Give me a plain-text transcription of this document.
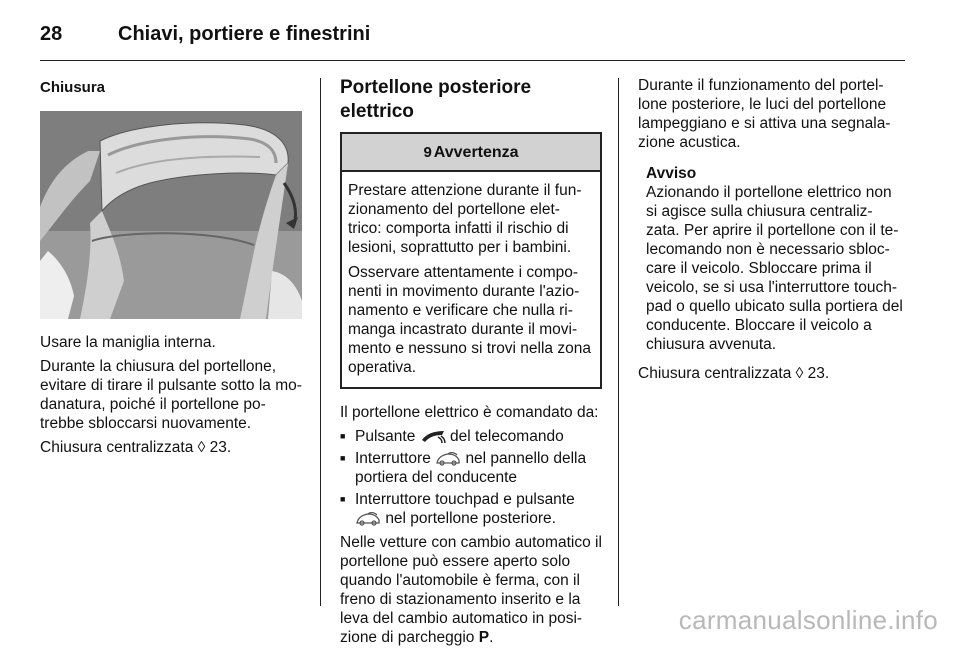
28	Chiavi, portiere e finestrini
Chiusura

Usare la maniglia interna.

Durante la chiusura del portellone, evitare di tirare il pulsante sotto la mo- danatura, poiché il portellone po- trebbe sbloccarsi nuovamente.

Chiusura centralizzata ◊ 23.

Portellone posteriore elettrico
9 Avvertenza

Prestare attenzione durante il fun- zionamento del portellone elet- trico: comporta infatti il rischio di lesioni, soprattutto per i bambini.

Osservare attentamente i compo- nenti in movimento durante l'azio- namento e verificare che nulla ri- manga incastrato durante il movi- mento e nessuno si trovi nella zona operativa.

Il portellone elettrico è comandato da:

■ Pulsante del telecomando
■ Interruttore nel pannello della portiera del conducente
■ Interruttore touchpad e pulsante
nel portellone posteriore.

Nelle vetture con cambio automatico il portellone può essere aperto solo quando l'automobile è ferma, con il freno di stazionamento inserito e la leva del cambio automatico in posi- zione di parcheggio P.

Durante il funzionamento del portel- lone posteriore, le luci del portellone lampeggiano e si attiva una segnala- zione acustica.

Avviso
Azionando il portellone elettrico non si agisce sulla chiusura centraliz- zata. Per aprire il portellone con il te- lecomando non è necessario sbloc- care il veicolo. Sbloccare prima il veicolo, se si usa l'interruttore touch- pad o quello ubicato sulla portiera del conducente. Bloccare il veicolo a chiusura avvenuta.

Chiusura centralizzata ◊ 23.

carmanualsonline.info
